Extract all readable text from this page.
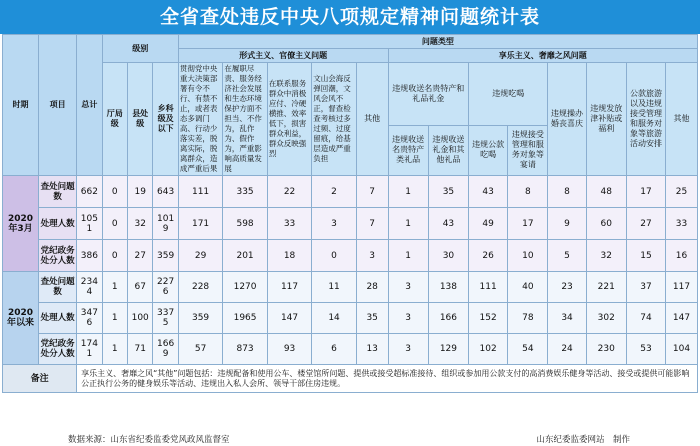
全省查处违反中央八项规定精神问题统计表
时期	项目	总计	级别			问题类型												
						形式主义、官僚主义问题					享乐主义、奢靡之风问题							
			厅局级	县处级	乡科级及以下	贯彻党中央重大决策部署有令不行、有禁不止，或者表态多调门高、行动少落实差，脱离实际，脱离群众，造成严重后果	在履职尽责、服务经济社会发展和生态环境保护方面不担当、不作为，乱作为、假作为，严重影响高质量发展	在联系服务群众中消极应付、冷硬横推、效率低下，损害群众利益，群众反映强烈	文山会海反弹回潮，文风会风不正，督查检查考核过多过频、过度留痕，给基层造成严重负担	其他	违规收送名贵特产和礼品礼金		违规吃喝		违规操办婚丧喜庆	违规发放津补贴或福利	公款旅游以及违规接受管理和服务对象等旅游活动安排	其他
											违规收送名贵特产类礼品	违规收送礼金和其他礼品	违规公款吃喝	违规接受管理和服务对象等宴请				
2020年3月	查处问题数	662	0	19	643	111	335	22	2	7	1	35	43	8	8	48	17	25
	处理人数	1051	0	32	1019	171	598	33	3	7	1	43	49	17	9	60	27	33
	党纪政务处分人数	386	0	27	359	29	201	18	0	3	1	30	26	10	5	32	15	16
2020年以来	查处问题数	2344	1	67	2276	228	1270	117	11	28	3	138	111	40	23	221	37	117
	处理人数	3476	1	100	3375	359	1965	147	14	35	3	166	152	78	34	302	74	147
	党纪政务处分人数	1741	1	71	1669	57	873	93	6	13	3	129	102	54	24	230	53	104
备注		享乐主义、奢靡之风“其他”问题包括：违规配备和使用公车、楼堂馆所问题、提供或接受超标准接待、组织或参加用公款支付的高消费娱乐健身等活动、接受或提供可能影响公正执行公务的健身娱乐等活动、违规出入私人会所、领导干部住房违规。																
数据来源：山东省纪委监委党风政风监督室	山东纪委监委网站　制作
